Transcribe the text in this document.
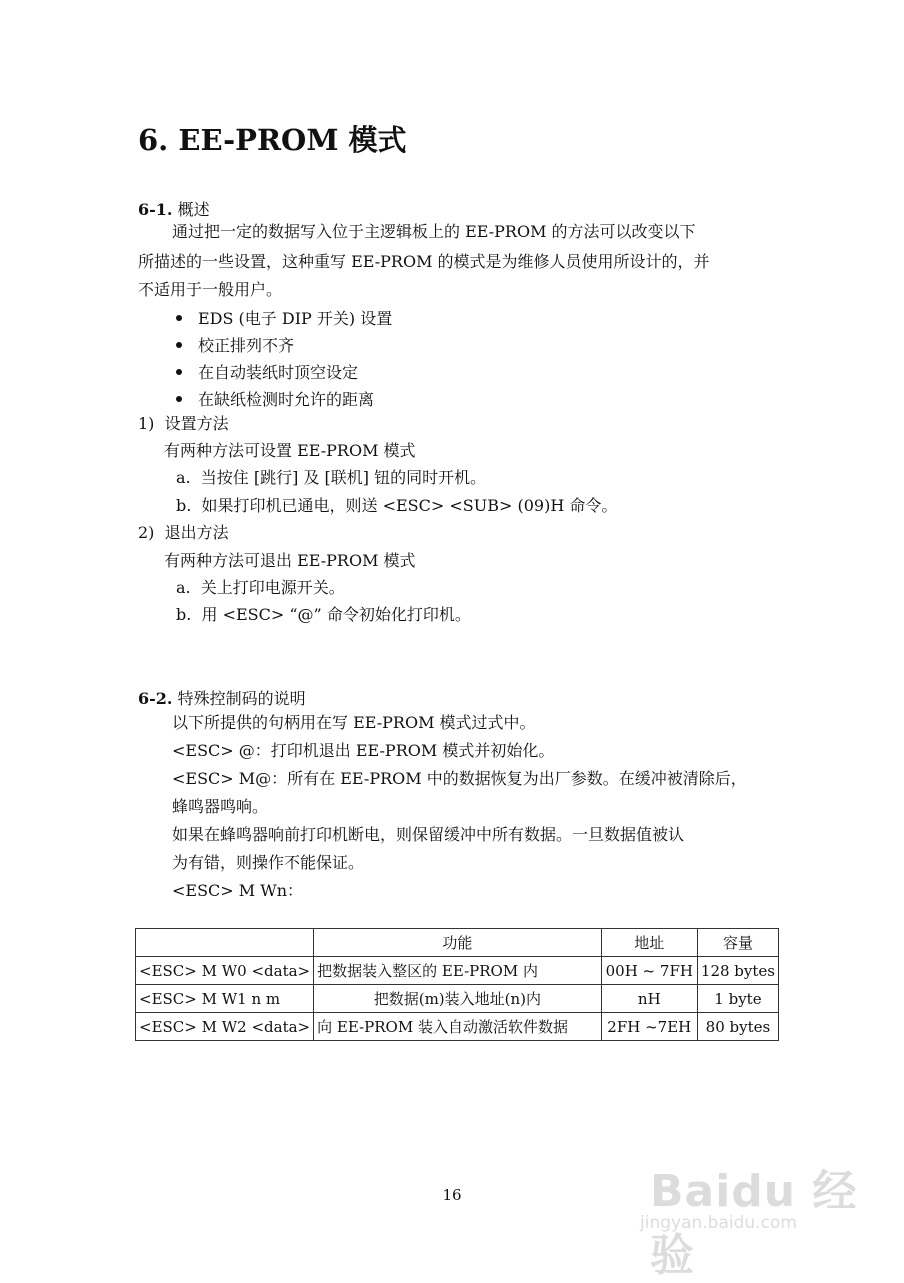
6. EE-PROM 模式
6-1. 概述
通过把一定的数据写入位于主逻辑板上的 EE-PROM 的方法可以改变以下
所描述的一些设置，这种重写 EE-PROM 的模式是为维修人员使用所设计的，并
不适用于一般用户。
EDS (电子 DIP 开关) 设置
校正排列不齐
在自动装纸时顶空设定
在缺纸检测时允许的距离
1) 设置方法
有两种方法可设置 EE-PROM 模式
a. 当按住 [跳行] 及 [联机] 钮的同时开机。
b. 如果打印机已通电，则送 <ESC> <SUB> (09)H 命令。
2) 退出方法
有两种方法可退出 EE-PROM 模式
a. 关上打印电源开关。
b. 用 <ESC> “@” 命令初始化打印机。
6-2. 特殊控制码的说明
以下所提供的句柄用在写 EE-PROM 模式过式中。
<ESC> @：打印机退出 EE-PROM 模式并初始化。
<ESC> M@：所有在 EE-PROM 中的数据恢复为出厂参数。在缓冲被清除后，
蜂鸣器鸣响。
如果在蜂鸣器响前打印机断电，则保留缓冲中所有数据。一旦数据值被认
为有错，则操作不能保证。
<ESC> M Wn：
	功能	地址	容量
<ESC> M W0 <data>	把数据装入整区的 EE-PROM 内	00H ~ 7FH	128 bytes
<ESC> M W1 n m	把数据(m)装入地址(n)内	nH	1 byte
<ESC> M W2 <data>	向 EE-PROM 装入自动激活软件数据	2FH ~7EH	80 bytes
16	Baidu 经验
jingyan.baidu.com
